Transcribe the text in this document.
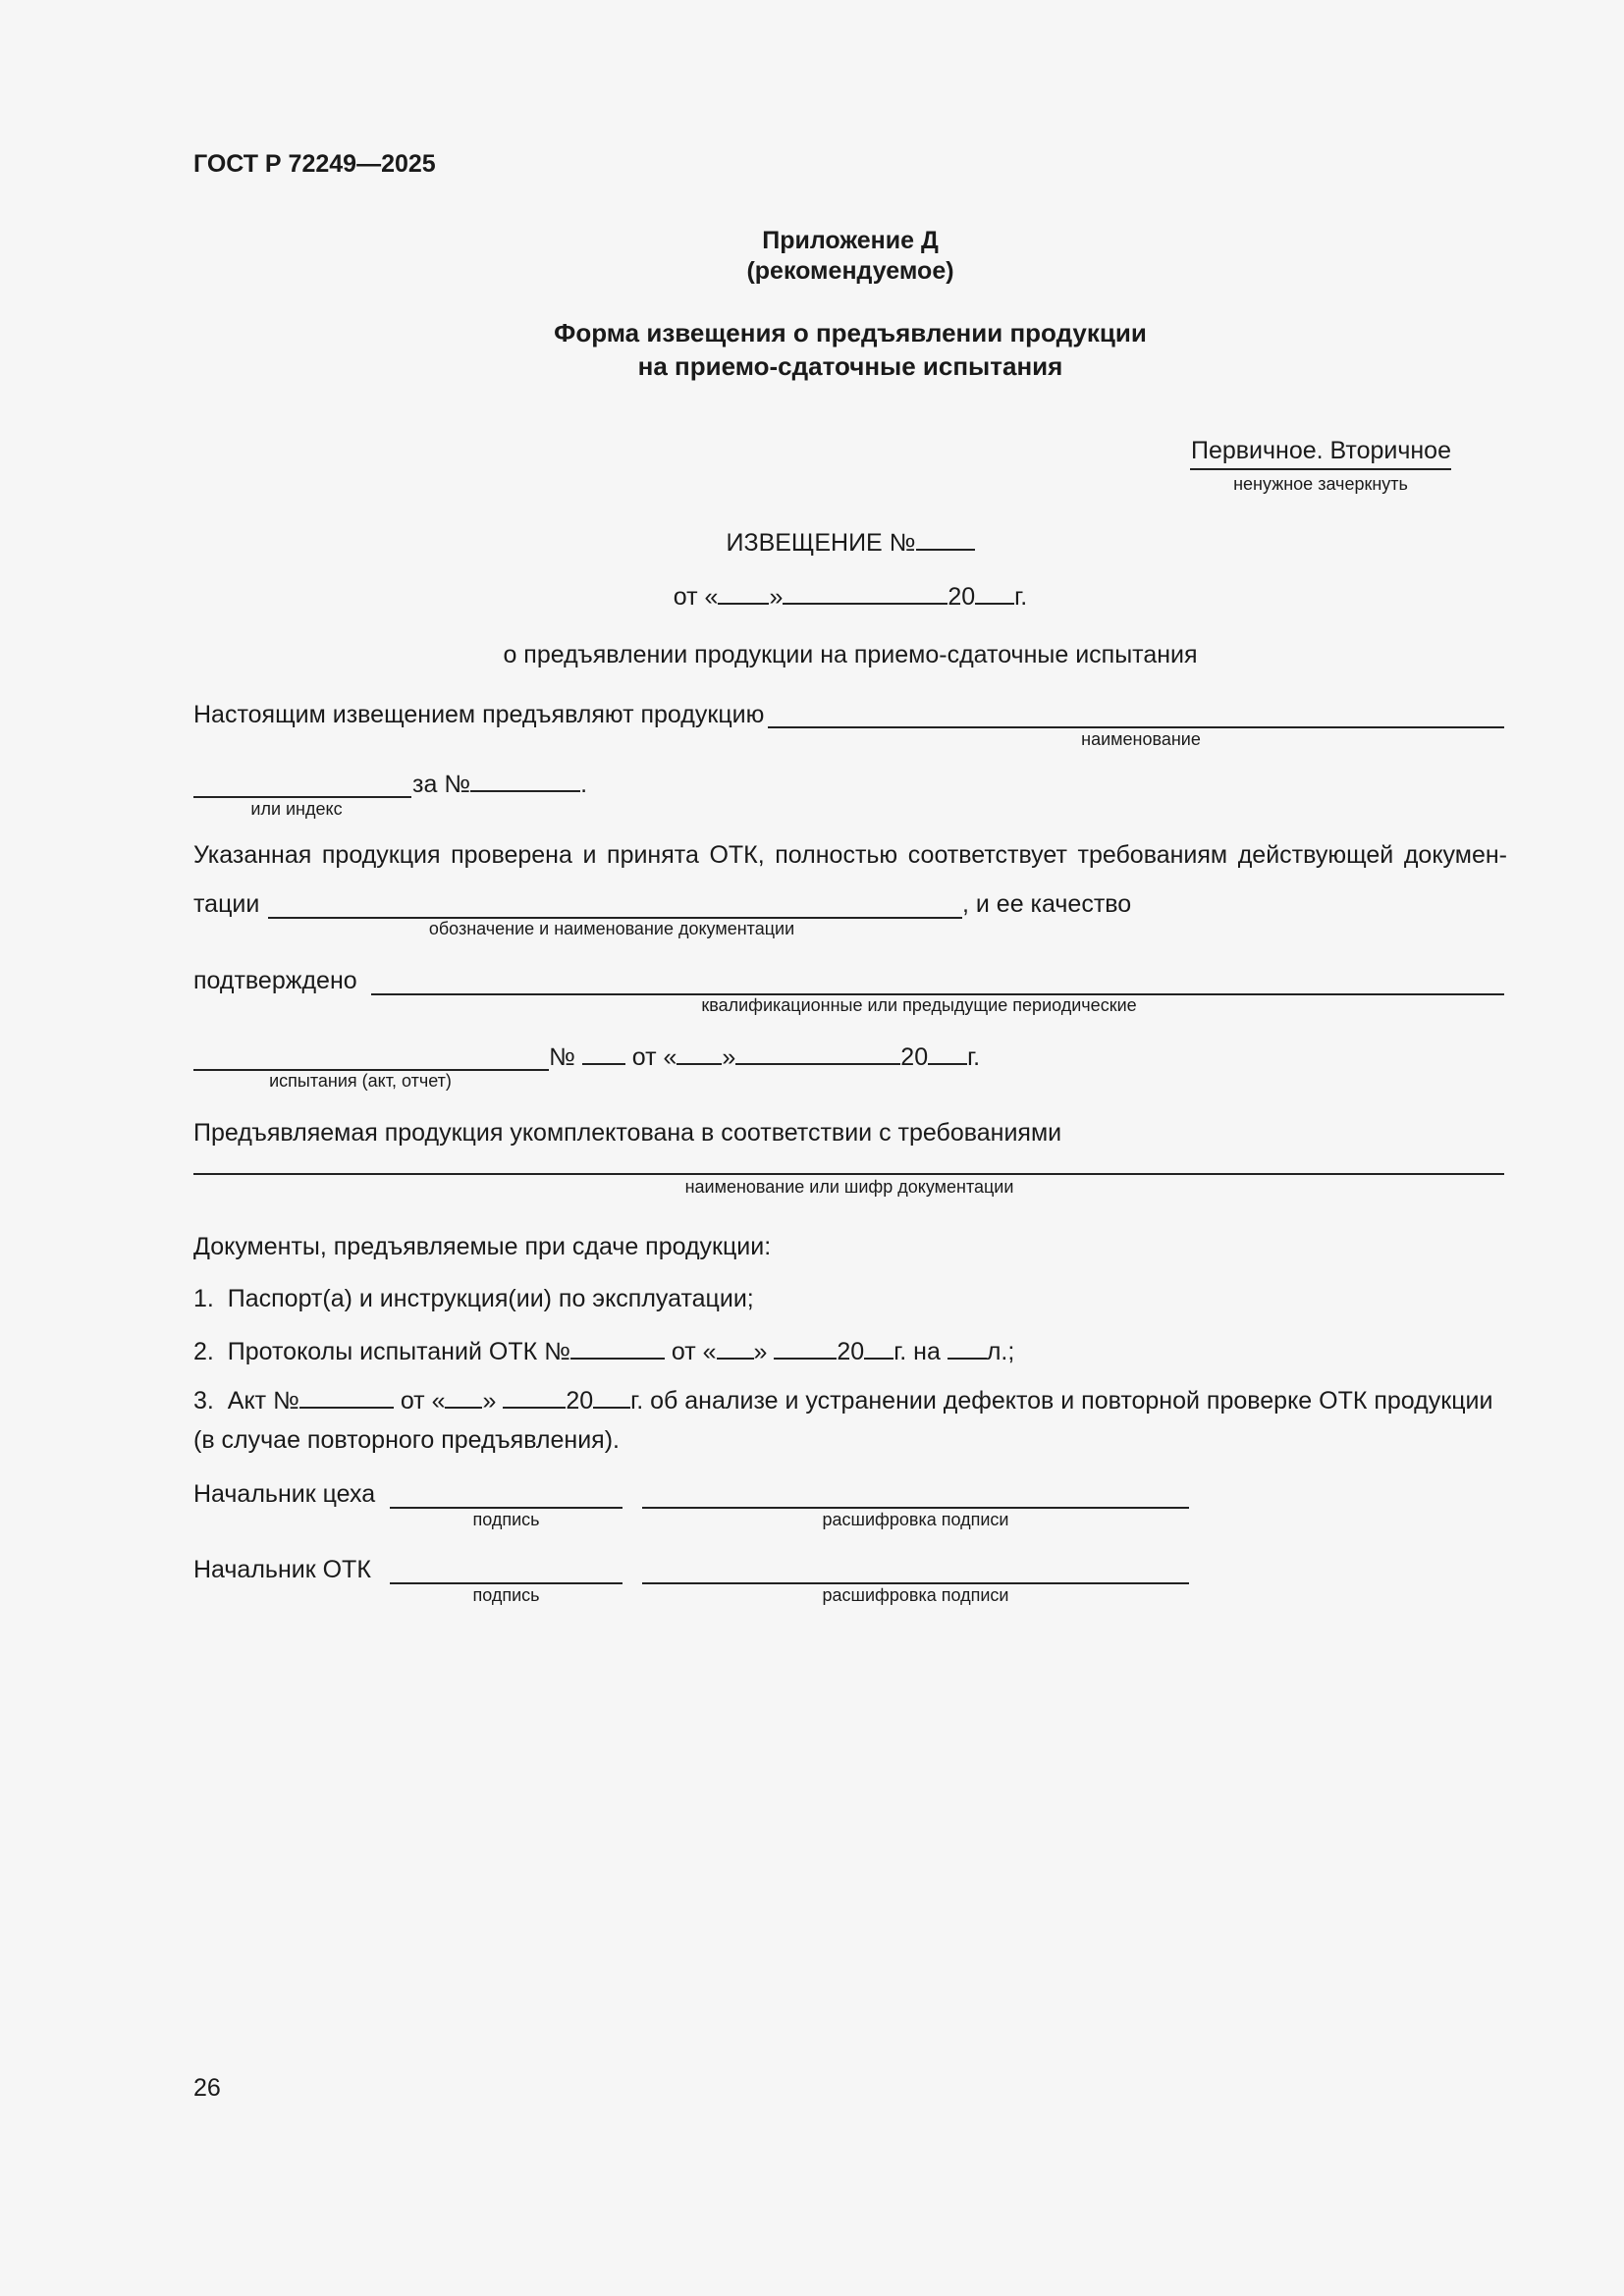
ГОСТ Р 72249—2025
Приложение Д
(рекомендуемое)
Форма извещения о предъявлении продукции
на приемо-сдаточные испытания
Первичное. Вторичное
ненужное зачеркнуть
ИЗВЕЩЕНИЕ №
от « »	20 г.
о предъявлении продукции на приемо-сдаточные испытания
Настоящим извещением предъявляют продукцию
наименование
за №	.
или индекс
Указанная продукция проверена и принята ОТК, полностью соответствует требованиям действующей докумен-
тации	, и ее качество
обозначение и наименование документации
подтверждено
квалификационные или предыдущие периодические
№ от « »	20 г.
испытания (акт, отчет)
Предъявляемая продукция укомплектована в соответствии с требованиями
наименование или шифр документации
Документы, предъявляемые при сдаче продукции:
1. Паспорт(а) и инструкция(ии) по эксплуатации;
2. Протоколы испытаний ОТК №	от « »	20 г. на л.;
3. Акт №	от « »	20 г. об анализе и устранении дефектов и повторной проверке ОТК продукции
(в случае повторного предъявления).
Начальник цеха
подпись	расшифровка подписи
Начальник ОТК
подпись	расшифровка подписи
26
